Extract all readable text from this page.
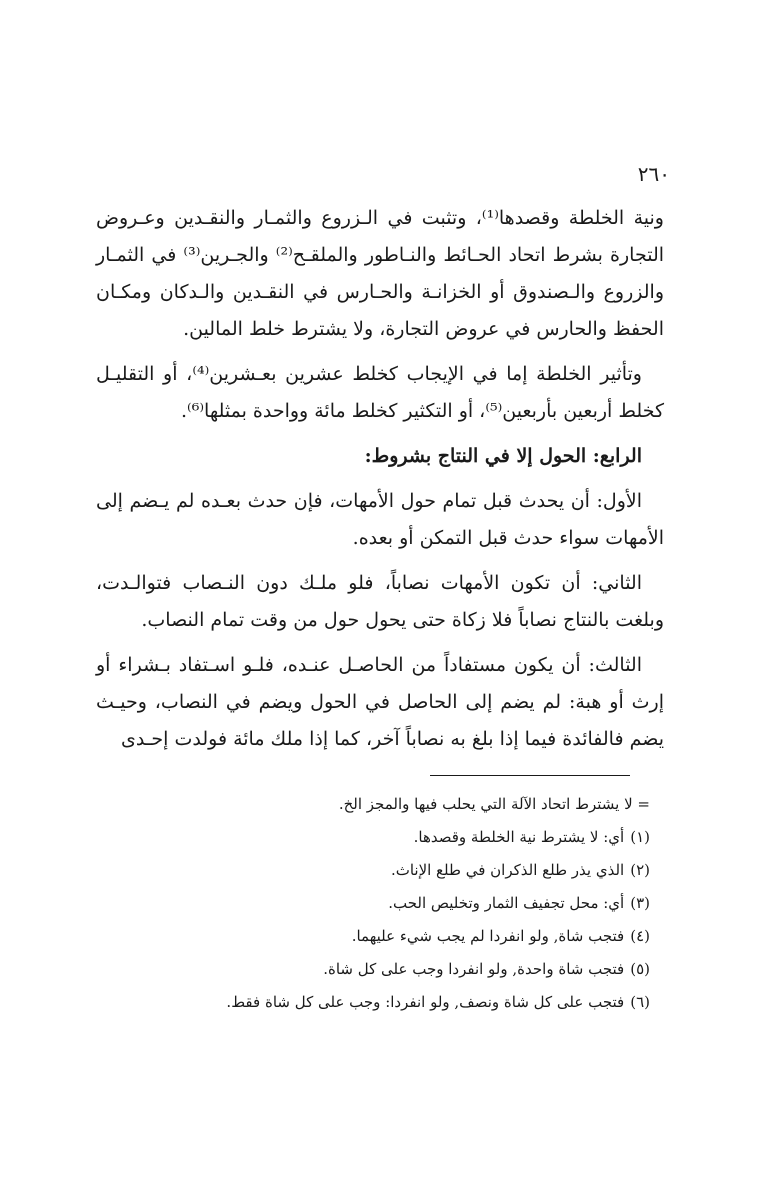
٢٦٠

ونية الخلطة وقصدها⁽¹⁾، وتثبت في الـزروع والثمـار والنقـدين وعـروض التجارة بشرط اتحاد الحـائط والنـاطور والملقـح⁽²⁾ والجـرين⁽³⁾ في الثمـار والزروع والـصندوق أو الخزانـة والحـارس في النقـدين والـدكان ومكـان الحفظ والحارس في عروض التجارة، ولا يشترط خلط المالين.

وتأثير الخلطة إما في الإيجاب كخلط عشرين بعـشرين⁽⁴⁾، أو التقليـل كخلط أربعين بأربعين⁽⁵⁾، أو التكثير كخلط مائة وواحدة بمثلها⁽⁶⁾.

الرابع: الحول إلا في النتاج بشروط:

الأول: أن يحدث قبل تمام حول الأمهات، فإن حدث بعـده لم يـضم إلى الأمهات سواء حدث قبل التمكن أو بعده.

الثاني: أن تكون الأمهات نصاباً، فلو ملـك دون النـصاب فتوالـدت، وبلغت بالنتاج نصاباً فلا زكاة حتى يحول حول من وقت تمام النصاب.

الثالث: أن يكون مستفاداً من الحاصـل عنـده، فلـو اسـتفاد بـشراء أو إرث أو هبة: لم يضم إلى الحاصل في الحول ويضم في النصاب، وحيـث يضم فالفائدة فيما إذا بلغ به نصاباً آخر، كما إذا ملك مائة فولدت إحـدى

= لا يشترط اتحاد الآلة التي يحلب فيها والمجز الخ.

(١)أي: لا يشترط نية الخلطة وقصدها.

(٢)الذي يذر طلع الذكران في طلع الإناث.

(٣)أي: محل تجفيف الثمار وتخليص الحب.

(٤)فتجب شاة, ولو انفردا لم يجب شيء عليهما.

(٥)فتجب شاة واحدة, ولو انفردا وجب على كل شاة.

(٦)فتجب على كل شاة ونصف, ولو انفردا: وجب على كل شاة فقط.
